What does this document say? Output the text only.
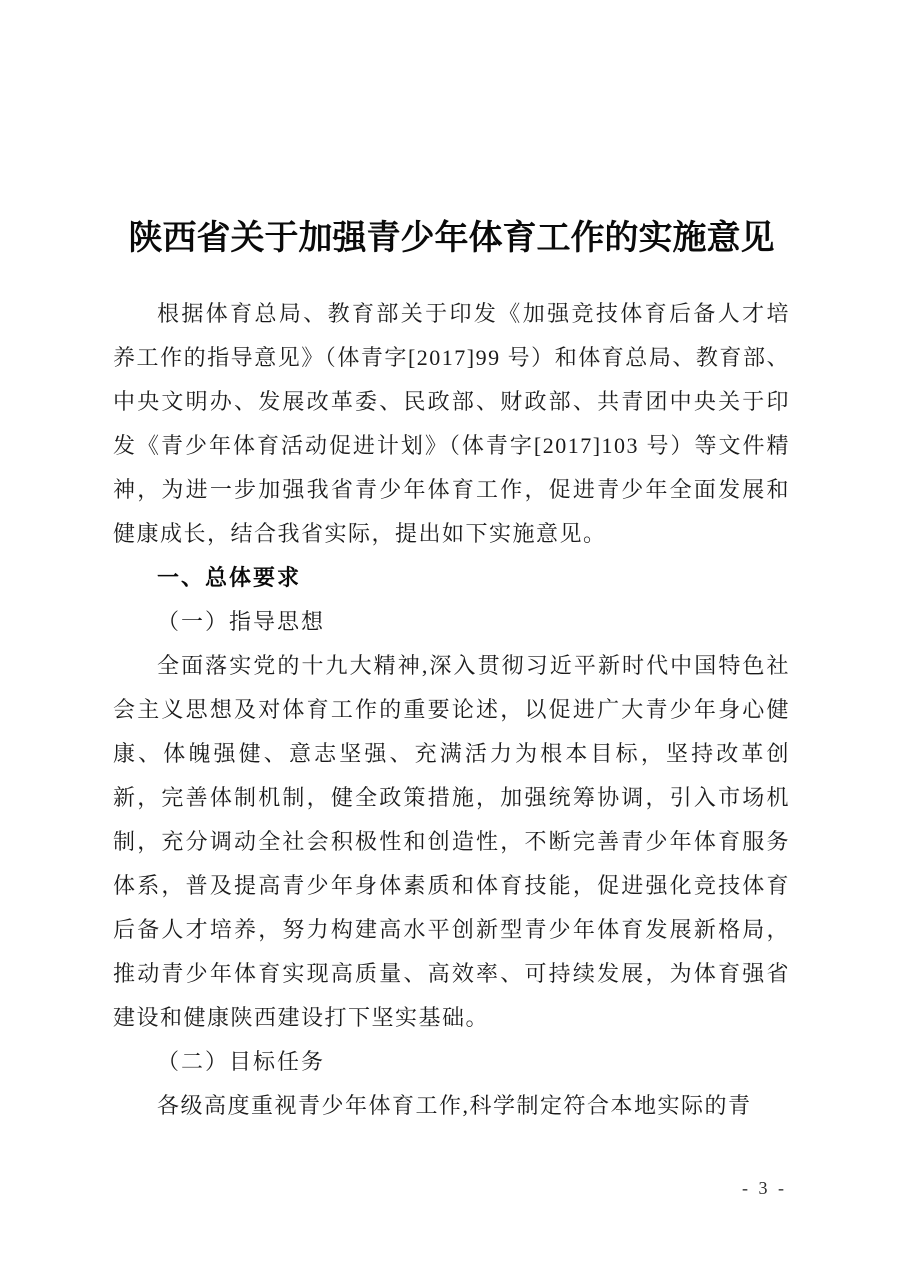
陕西省关于加强青少年体育工作的实施意见

根据体育总局、教育部关于印发《加强竞技体育后备人才培养工作的指导意见》（体青字[2017]99 号）和体育总局、教育部、中央文明办、发展改革委、民政部、财政部、共青团中央关于印发《青少年体育活动促进计划》（体青字[2017]103 号）等文件精神，为进一步加强我省青少年体育工作，促进青少年全面发展和健康成长，结合我省实际，提出如下实施意见。

一、总体要求
（一）指导思想

全面落实党的十九大精神,深入贯彻习近平新时代中国特色社会主义思想及对体育工作的重要论述，以促进广大青少年身心健康、体魄强健、意志坚强、充满活力为根本目标，坚持改革创新，完善体制机制，健全政策措施，加强统筹协调，引入市场机制，充分调动全社会积极性和创造性，不断完善青少年体育服务体系，普及提高青少年身体素质和体育技能，促进强化竞技体育后备人才培养，努力构建高水平创新型青少年体育发展新格局，推动青少年体育实现高质量、高效率、可持续发展，为体育强省建设和健康陕西建设打下坚实基础。

（二）目标任务

各级高度重视青少年体育工作,科学制定符合本地实际的青

- 3 -
